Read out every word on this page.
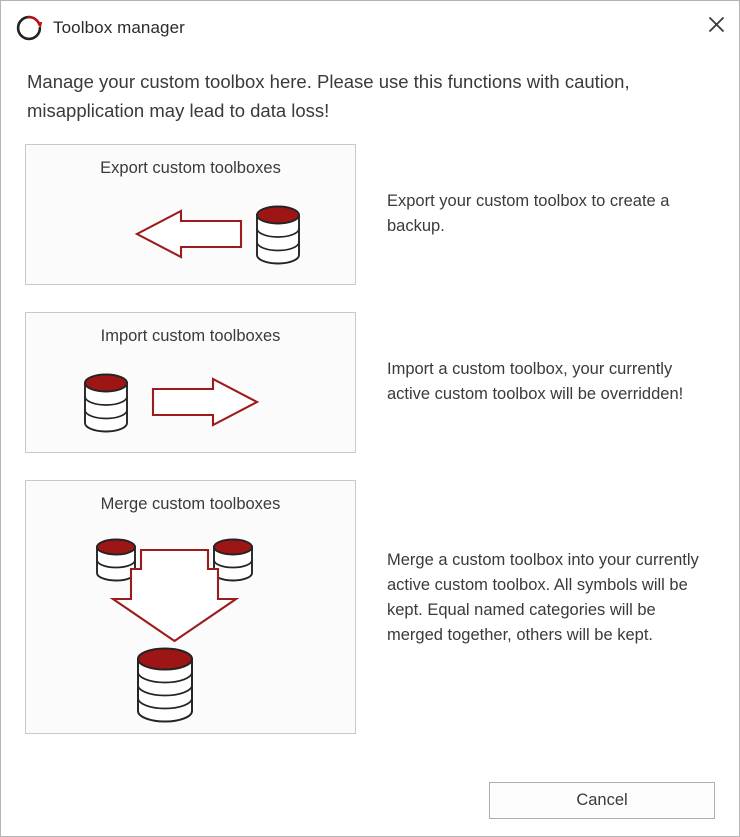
Toolbox manager
Manage your custom toolbox here. Please use this functions with caution, misapplication may lead to data loss!
Export custom toolboxes
Export your custom toolbox to create a backup.
Import custom toolboxes
Import a custom toolbox, your currently active custom toolbox will be overridden!
Merge custom toolboxes
Merge a custom toolbox into your currently active custom toolbox. All symbols will be kept. Equal named categories will be merged together, others will be kept.
Cancel
